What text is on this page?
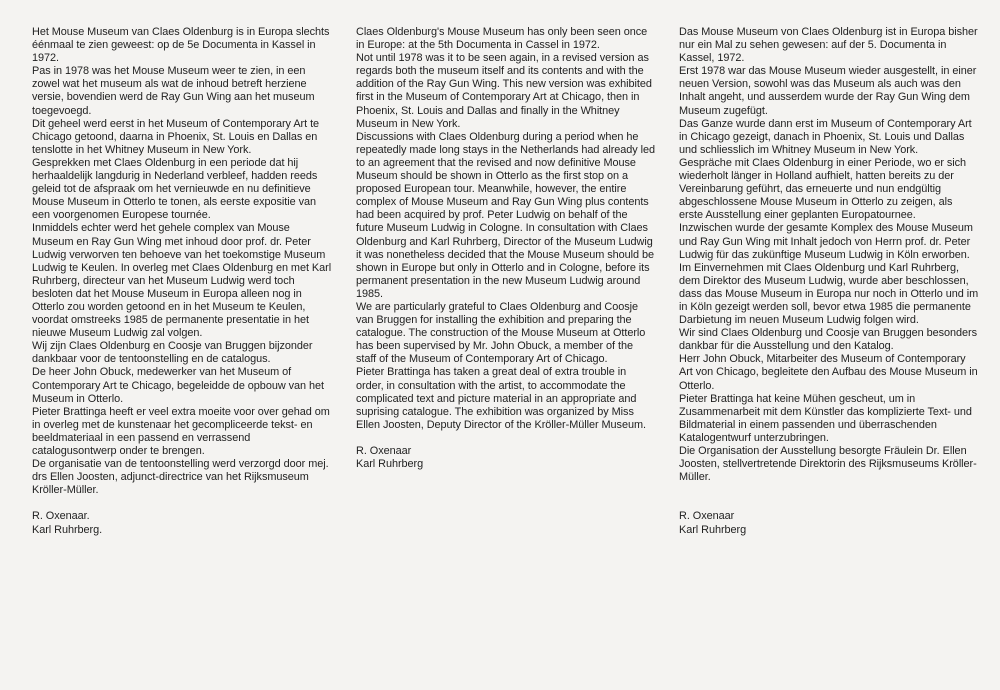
Het Mouse Museum van Claes Oldenburg is in Europa slechts éénmaal te zien geweest: op de 5e Documenta in Kassel in 1972.

Pas in 1978 was het Mouse Museum weer te zien, in een zowel wat het museum als wat de inhoud betreft herziene versie, bovendien werd de Ray Gun Wing aan het museum toegevoegd.

Dit geheel werd eerst in het Museum of Contemporary Art te Chicago getoond, daarna in Phoenix, St. Louis en Dallas en tenslotte in het Whitney Museum in New York.

Gesprekken met Claes Oldenburg in een periode dat hij herhaaldelijk langdurig in Nederland verbleef, hadden reeds geleid tot de afspraak om het vernieuwde en nu definitieve Mouse Museum in Otterlo te tonen, als eerste expositie van een voorgenomen Europese tournée.

Inmiddels echter werd het gehele complex van Mouse Museum en Ray Gun Wing met inhoud door prof. dr. Peter Ludwig verworven ten behoeve van het toekomstige Museum Ludwig te Keulen. In overleg met Claes Oldenburg en met Karl Ruhrberg, directeur van het Museum Ludwig werd toch besloten dat het Mouse Museum in Europa alleen nog in Otterlo zou worden getoond en in het Museum te Keulen, voordat omstreeks 1985 de permanente presentatie in het nieuwe Museum Ludwig zal volgen.

Wij zijn Claes Oldenburg en Coosje van Bruggen bijzonder dankbaar voor de tentoonstelling en de catalogus.

De heer John Obuck, medewerker van het Museum of Contemporary Art te Chicago, begeleidde de opbouw van het Museum in Otterlo.

Pieter Brattinga heeft er veel extra moeite voor over gehad om in overleg met de kunstenaar het gecompliceerde tekst- en beeldmateriaal in een passend en verrassend catalogusontwerp onder te brengen.

De organisatie van de tentoonstelling werd verzorgd door mej. drs Ellen Joosten, adjunct-directrice van het Rijksmuseum Kröller-Müller.

R. Oxenaar.

Karl Ruhrberg.

Claes Oldenburg's Mouse Museum has only been seen once in Europe: at the 5th Documenta in Cassel in 1972.

Not until 1978 was it to be seen again, in a revised version as regards both the museum itself and its contents and with the addition of the Ray Gun Wing. This new version was exhibited first in the Museum of Contemporary Art at Chicago, then in Phoenix, St. Louis and Dallas and finally in the Whitney Museum in New York.

Discussions with Claes Oldenburg during a period when he repeatedly made long stays in the Netherlands had already led to an agreement that the revised and now definitive Mouse Museum should be shown in Otterlo as the first stop on a proposed European tour. Meanwhile, however, the entire complex of Mouse Museum and Ray Gun Wing plus contents had been acquired by prof. Peter Ludwig on behalf of the future Museum Ludwig in Cologne. In consultation with Claes Oldenburg and Karl Ruhrberg, Director of the Museum Ludwig it was nonetheless decided that the Mouse Museum should be shown in Europe but only in Otterlo and in Cologne, before its permanent presentation in the new Museum Ludwig around 1985.

We are particularly grateful to Claes Oldenburg and Coosje van Bruggen for installing the exhibition and preparing the catalogue. The construction of the Mouse Museum at Otterlo has been supervised by Mr. John Obuck, a member of the staff of the Museum of Contemporary Art of Chicago.

Pieter Brattinga has taken a great deal of extra trouble in order, in consultation with the artist, to accommodate the complicated text and picture material in an appropriate and suprising catalogue. The exhibition was organized by Miss Ellen Joosten, Deputy Director of the Kröller-Müller Museum.

R. Oxenaar

Karl Ruhrberg

Das Mouse Museum von Claes Oldenburg ist in Europa bisher nur ein Mal zu sehen gewesen: auf der 5. Documenta in Kassel, 1972.

Erst 1978 war das Mouse Museum wieder ausgestellt, in einer neuen Version, sowohl was das Museum als auch was den Inhalt angeht, und ausserdem wurde der Ray Gun Wing dem Museum zugefügt.

Das Ganze wurde dann erst im Museum of Contemporary Art in Chicago gezeigt, danach in Phoenix, St. Louis und Dallas und schliesslich im Whitney Museum in New York.

Gespräche mit Claes Oldenburg in einer Periode, wo er sich wiederholt länger in Holland aufhielt, hatten bereits zu der Vereinbarung geführt, das erneuerte und nun endgültig abgeschlossene Mouse Museum in Otterlo zu zeigen, als erste Ausstellung einer geplanten Europatournee.

Inzwischen wurde der gesamte Komplex des Mouse Museum und Ray Gun Wing mit Inhalt jedoch von Herrn prof. dr. Peter Ludwig für das zukünftige Museum Ludwig in Köln erworben. Im Einvernehmen mit Claes Oldenburg und Karl Ruhrberg, dem Direktor des Museum Ludwig, wurde aber beschlossen, dass das Mouse Museum in Europa nur noch in Otterlo und im in Köln gezeigt werden soll, bevor etwa 1985 die permanente Darbietung im neuen Museum Ludwig folgen wird.

Wir sind Claes Oldenburg und Coosje van Bruggen besonders dankbar für die Ausstellung und den Katalog.

Herr John Obuck, Mitarbeiter des Museum of Contemporary Art von Chicago, begleitete den Aufbau des Mouse Museum in Otterlo.

Pieter Brattinga hat keine Mühen gescheut, um in Zusammenarbeit mit dem Künstler das komplizierte Text- und Bildmaterial in einem passenden und überraschenden Katalogentwurf unterzubringen.

Die Organisation der Ausstellung besorgte Fräulein Dr. Ellen Joosten, stellvertretende Direktorin des Rijksmuseums Kröller-Müller.

R. Oxenaar

Karl Ruhrberg
